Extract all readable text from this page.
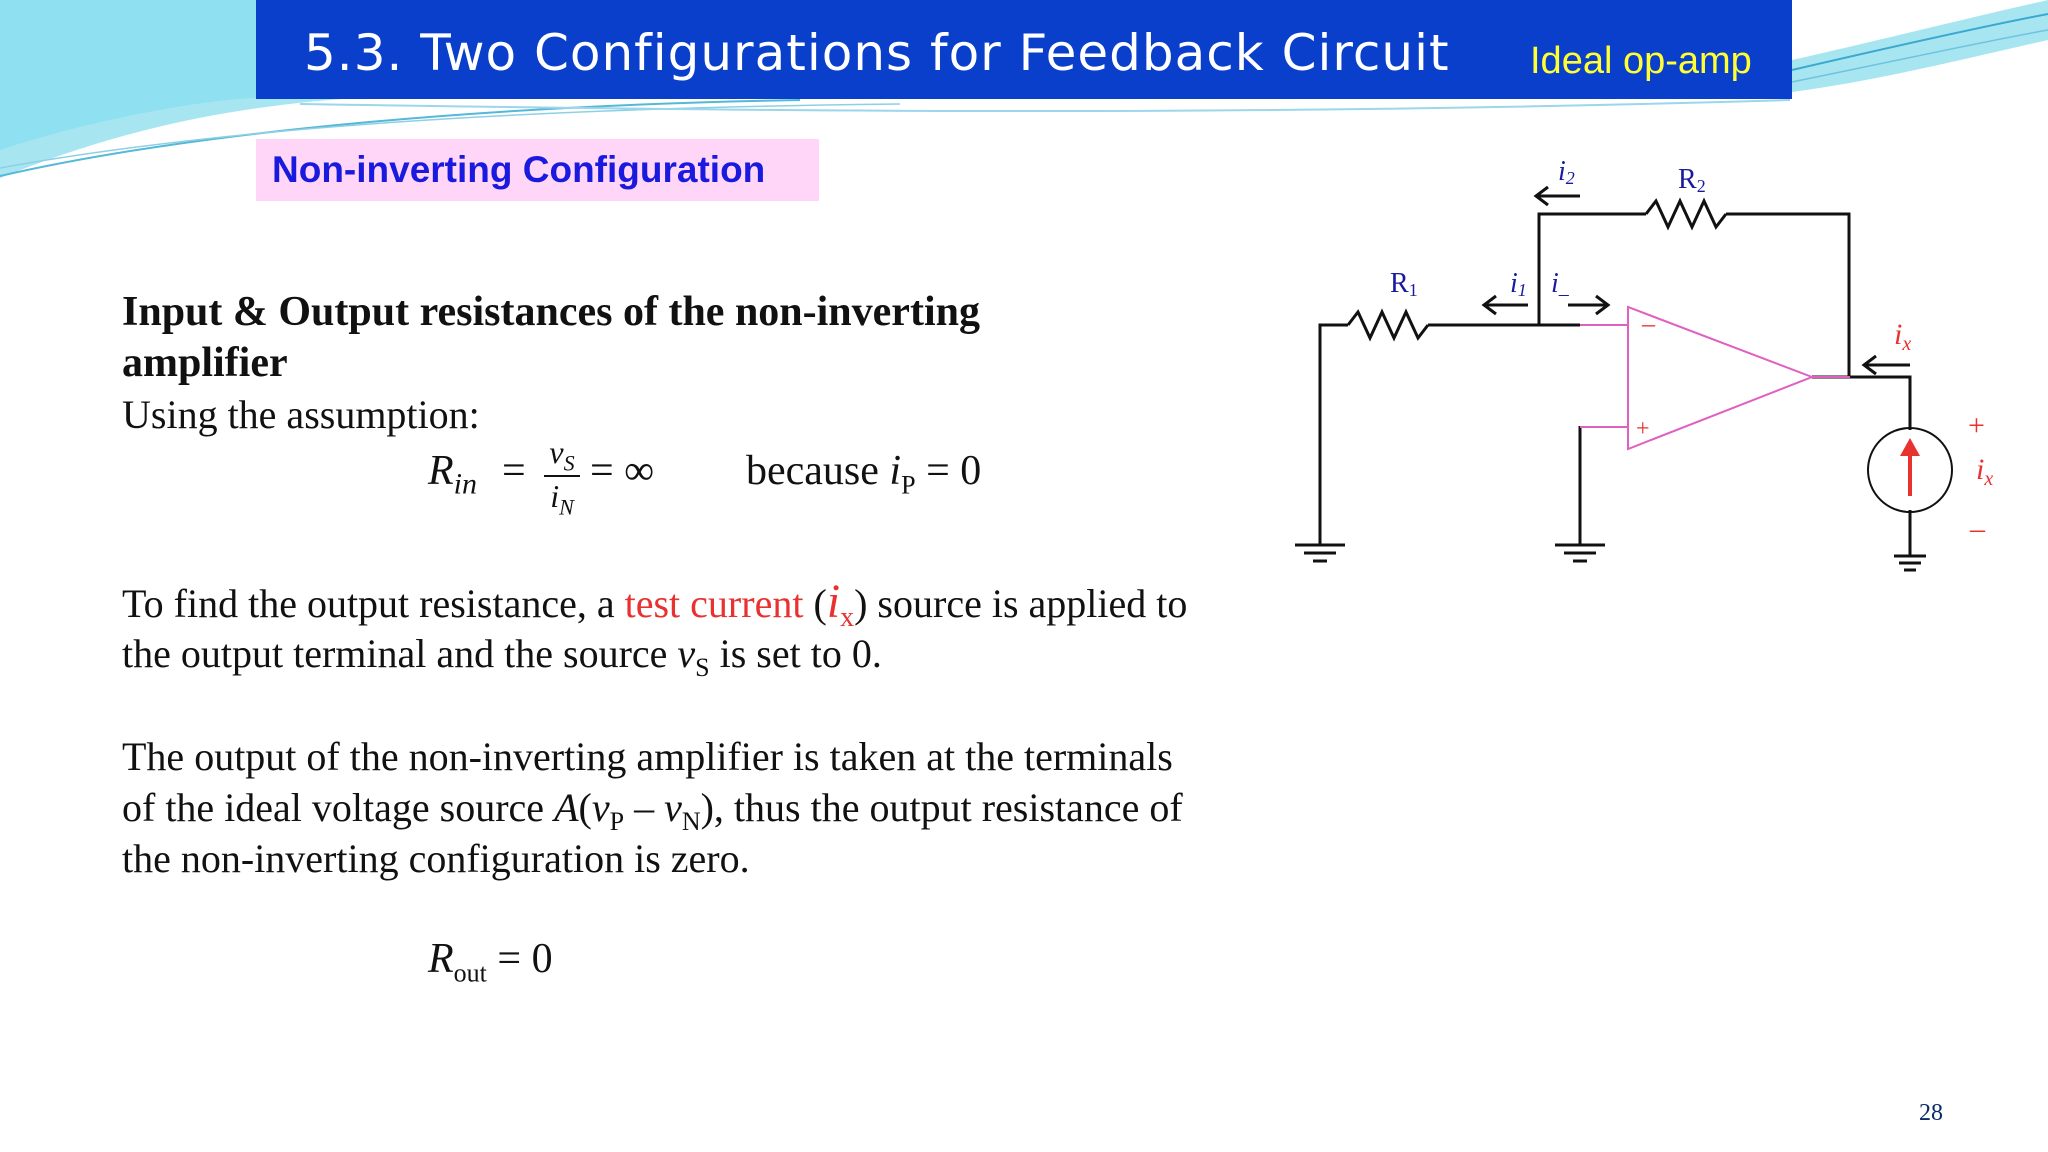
5.3. Two Configurations for Feedback Circuit Ideal op-amp
Non-inverting Configuration
Input & Output resistances of the non-inverting
amplifier
Using the assumption:
$R_{in} = v_S$
$i_N$
= ∞ because $i_P = 0$
To find the output resistance, a test current $(i_x)$ source is applied to
the output terminal and the source $v_S$ is set to 0.
The output of the non-inverting amplifier is taken at the terminals
of the ideal voltage source $A(v_P - v_N)$, thus the output resistance of
the non-inverting configuration is zero.
$R_{out} = 0$
–
+
R1
R2
i2
i1 $i_-$
$i_x$
+
$i_x$
–
28
